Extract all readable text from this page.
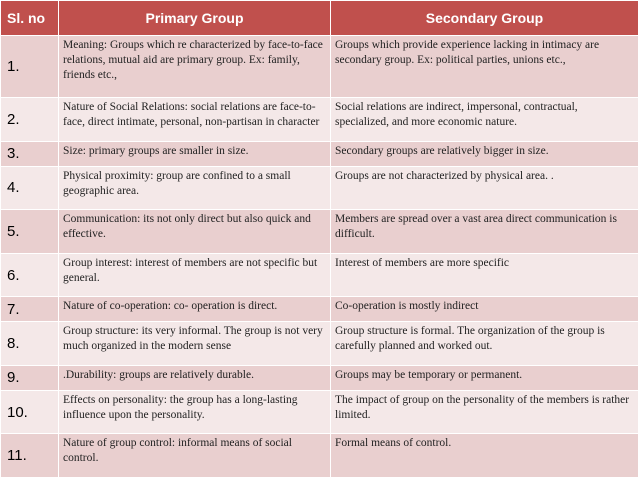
Sl. no	Primary Group	Secondary Group
1.	Meaning: Groups which re characterized by face-to-face relations, mutual aid are primary group. Ex: family, friends etc.,	Groups which provide experience lacking in intimacy are secondary group. Ex: political parties, unions etc.,
2.	Nature of Social Relations: social relations are face-to- face, direct intimate, personal, non-partisan in character	Social relations are indirect, impersonal, contractual, specialized, and more economic nature.
3.	Size: primary groups are smaller in size.	Secondary groups are relatively bigger in size.
4.	Physical proximity: group are confined to a small geographic area.	Groups are not characterized by physical area. .
5.	Communication: its not only direct but also quick and effective.	Members are spread over a vast area direct communication is difficult.
6.	Group interest: interest of members are not specific but general.	Interest of members are more specific
7.	Nature of co-operation: co- operation is direct.	Co-operation is mostly indirect
8.	Group structure: its very informal. The group is not very much organized in the modern sense	Group structure is formal. The organization of the group is carefully planned and worked out.
9.	.Durability: groups are relatively durable.	Groups may be temporary or permanent.
10.	Effects on personality: the group has a long-lasting influence upon the personality.	The impact of group on the personality of the members is rather limited.
11.	Nature of group control: informal means of social control.	Formal means of control.
